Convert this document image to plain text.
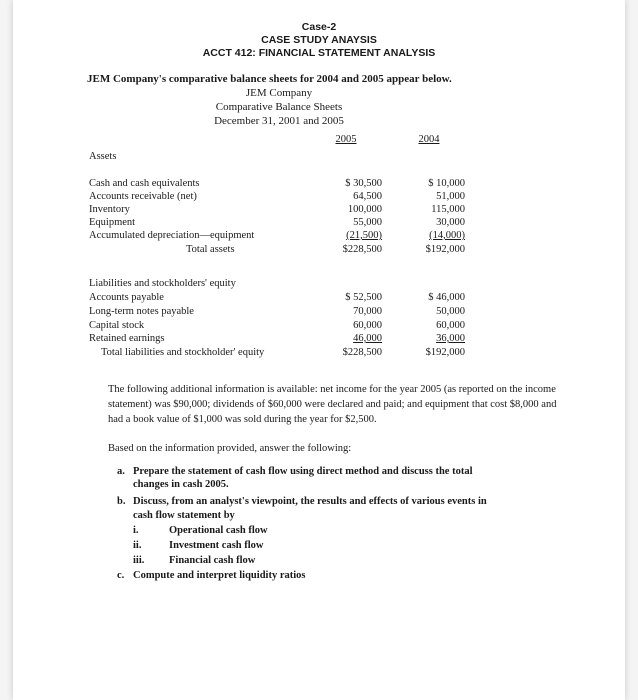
Case-2
CASE STUDY ANAYSIS
ACCT 412: FINANCIAL STATEMENT ANALYSIS
JEM Company's comparative balance sheets for 2004 and 2005 appear below.
JEM Company
Comparative Balance Sheets
December 31, 2001 and 2005
2005	2004
Assets
Cash and cash equivalents	$ 30,500	$ 10,000
Accounts receivable (net)	64,500	51,000
Inventory	100,000	115,000
Equipment	55,000	30,000
Accumulated depreciation—equipment	(21,500)	(14,000)
Total assets	$228,500	$192,000
Liabilities and stockholders' equity
Accounts payable	$ 52,500	$ 46,000
Long-term notes payable	70,000	50,000
Capital stock	60,000	60,000
Retained earnings	46,000	36,000
Total liabilities and stockholder' equity	$228,500	$192,000
The following additional information is available: net income for the year 2005 (as reported on the income statement) was $90,000; dividends of $60,000 were declared and paid; and equipment that cost $8,000 and had a book value of $1,000 was sold during the year for $2,500.
Based on the information provided, answer the following:
a. Prepare the statement of cash flow using direct method and discuss the total
changes in cash 2005.
b. Discuss, from an analyst's viewpoint, the results and effects of various events in
cash flow statement by
i.	Operational cash flow
ii.	Investment cash flow
iii. Financial cash flow
c. Compute and interpret liquidity ratios
